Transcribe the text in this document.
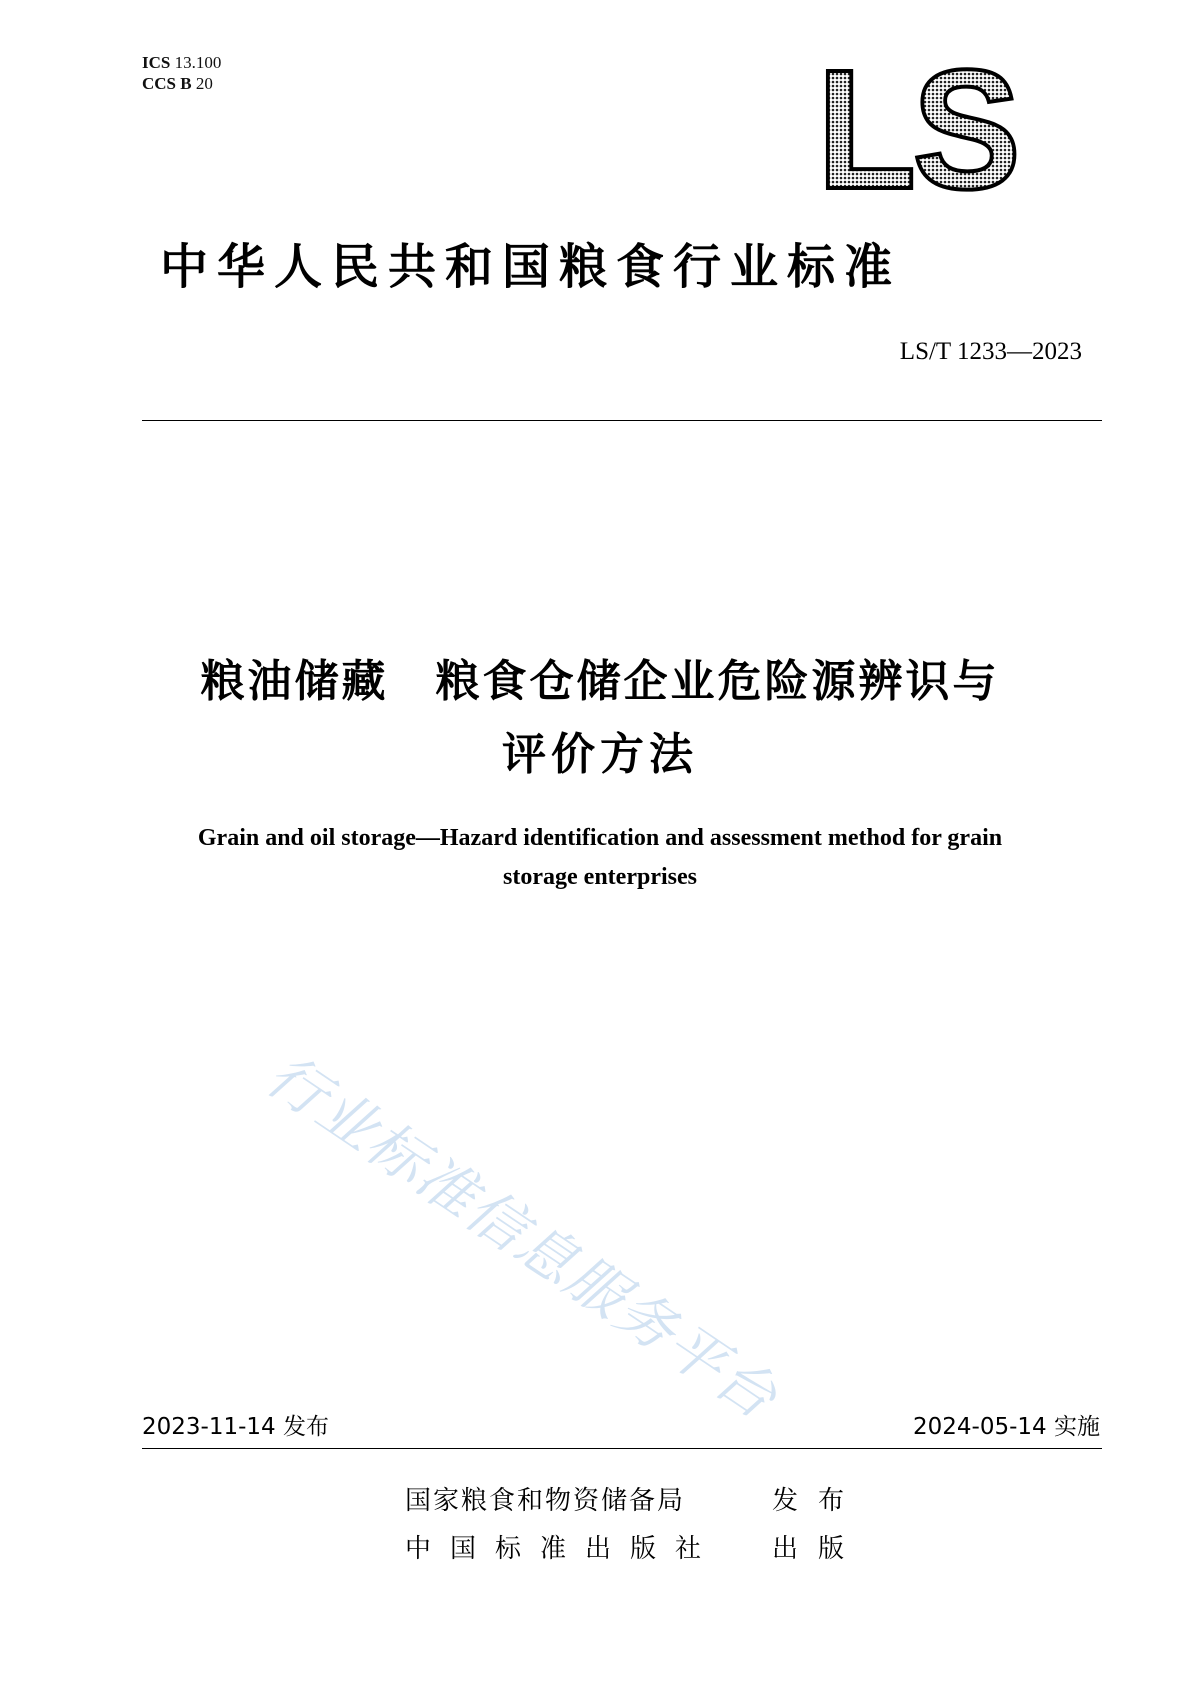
ICS 13.100
CCS B 20	LS
中华人民共和国粮食行业标准
LS/T 1233—2023
粮油储藏　粮食仓储企业危险源辨识与
评价方法
Grain and oil storage—Hazard identification and assessment method for grain
storage enterprises
行业标准信息服务平台
2023-11-14 发布	2024-05-14 实施
国家粮食和物资储备局	发布
中国标准出版社 出版
